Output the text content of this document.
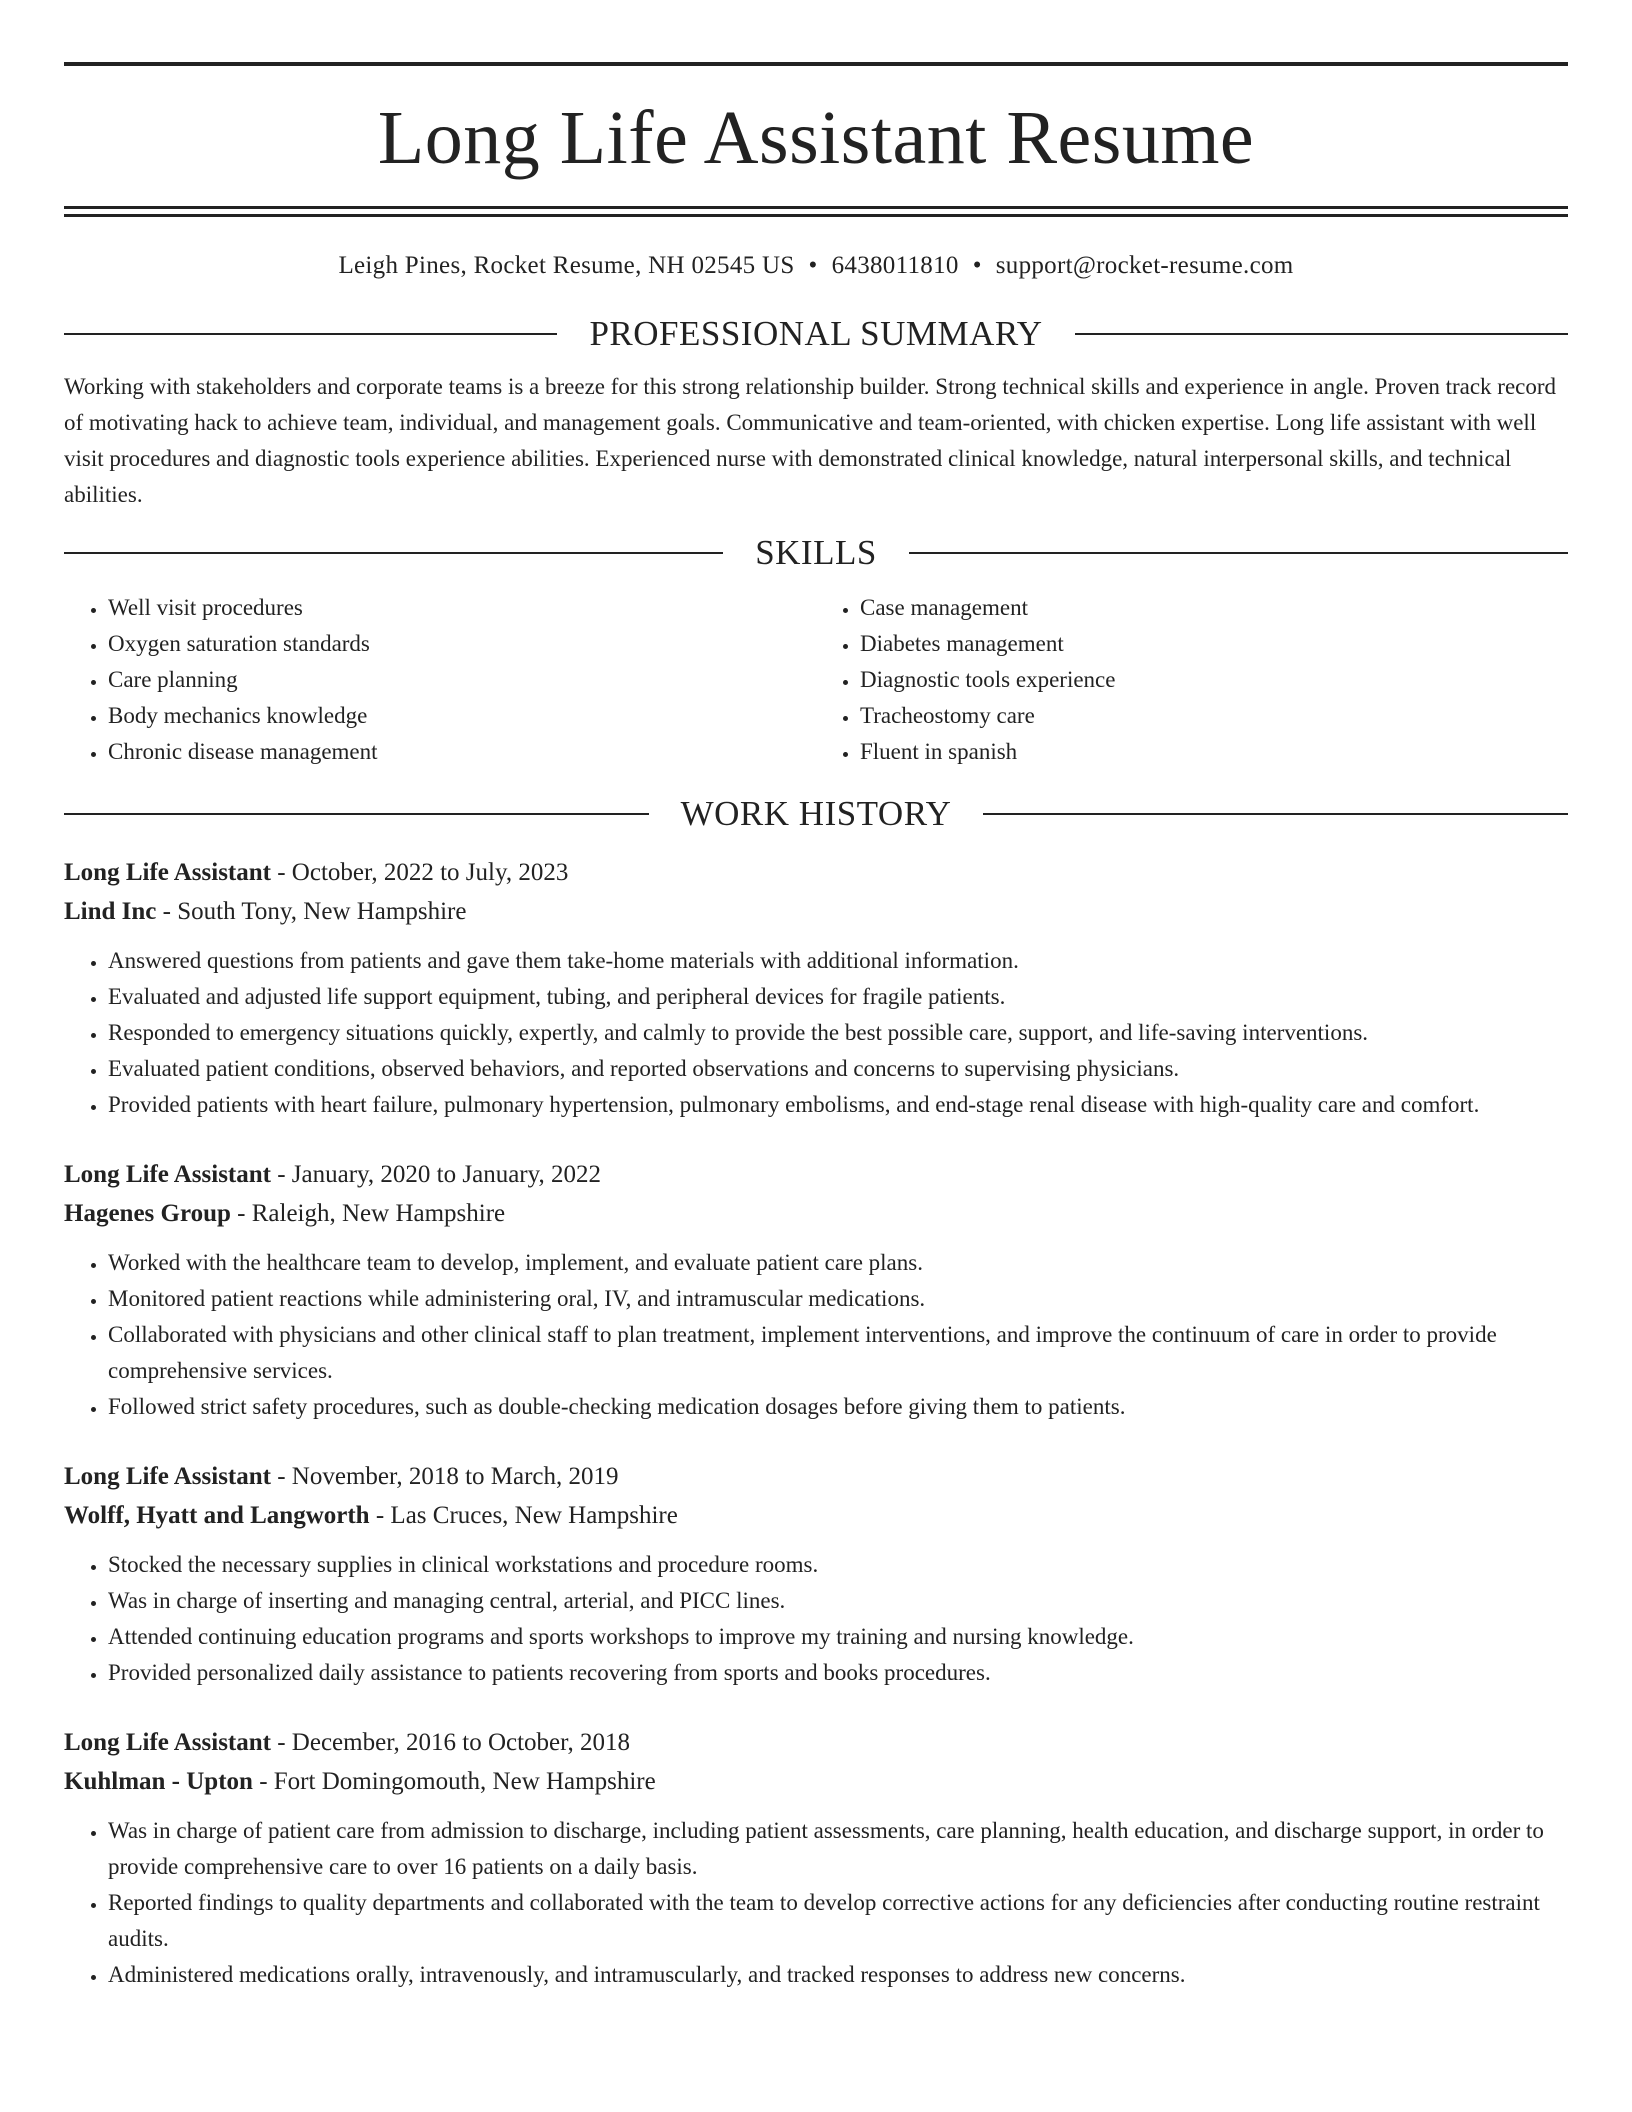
Long Life Assistant Resume
Leigh Pines, Rocket Resume, NH 02545 US • 6438011810 • support@rocket-resume.com
PROFESSIONAL SUMMARY

Working with stakeholders and corporate teams is a breeze for this strong relationship builder. Strong technical skills and experience in angle. Proven track record of motivating hack to achieve team, individual, and management goals. Communicative and team-oriented, with chicken expertise. Long life assistant with well visit procedures and diagnostic tools experience abilities. Experienced nurse with demonstrated clinical knowledge, natural interpersonal skills, and technical abilities.

SKILLS
• Well visit procedures
• Oxygen saturation standards
• Care planning
• Body mechanics knowledge
• Chronic disease management
• Case management
• Diabetes management
• Diagnostic tools experience
• Tracheostomy care
• Fluent in spanish
WORK HISTORY
Long Life Assistant - October, 2022 to July, 2023
Lind Inc - South Tony, New Hampshire
• Answered questions from patients and gave them take-home materials with additional information.
• Evaluated and adjusted life support equipment, tubing, and peripheral devices for fragile patients.
• Responded to emergency situations quickly, expertly, and calmly to provide the best possible care, support, and life-saving interventions.
• Evaluated patient conditions, observed behaviors, and reported observations and concerns to supervising physicians.
• Provided patients with heart failure, pulmonary hypertension, pulmonary embolisms, and end-stage renal disease with high-quality care and comfort.
Long Life Assistant - January, 2020 to January, 2022
Hagenes Group - Raleigh, New Hampshire
• Worked with the healthcare team to develop, implement, and evaluate patient care plans.
• Monitored patient reactions while administering oral, IV, and intramuscular medications.
• Collaborated with physicians and other clinical staff to plan treatment, implement interventions, and improve the continuum of care in order to provide comprehensive services.
• Followed strict safety procedures, such as double-checking medication dosages before giving them to patients.
Long Life Assistant - November, 2018 to March, 2019
Wolff, Hyatt and Langworth - Las Cruces, New Hampshire
• Stocked the necessary supplies in clinical workstations and procedure rooms.
• Was in charge of inserting and managing central, arterial, and PICC lines.
• Attended continuing education programs and sports workshops to improve my training and nursing knowledge.
• Provided personalized daily assistance to patients recovering from sports and books procedures.
Long Life Assistant - December, 2016 to October, 2018
Kuhlman - Upton - Fort Domingomouth, New Hampshire
• Was in charge of patient care from admission to discharge, including patient assessments, care planning, health education, and discharge support, in order to provide comprehensive care to over 16 patients on a daily basis.
• Reported findings to quality departments and collaborated with the team to develop corrective actions for any deficiencies after conducting routine restraint audits.
• Administered medications orally, intravenously, and intramuscularly, and tracked responses to address new concerns.
